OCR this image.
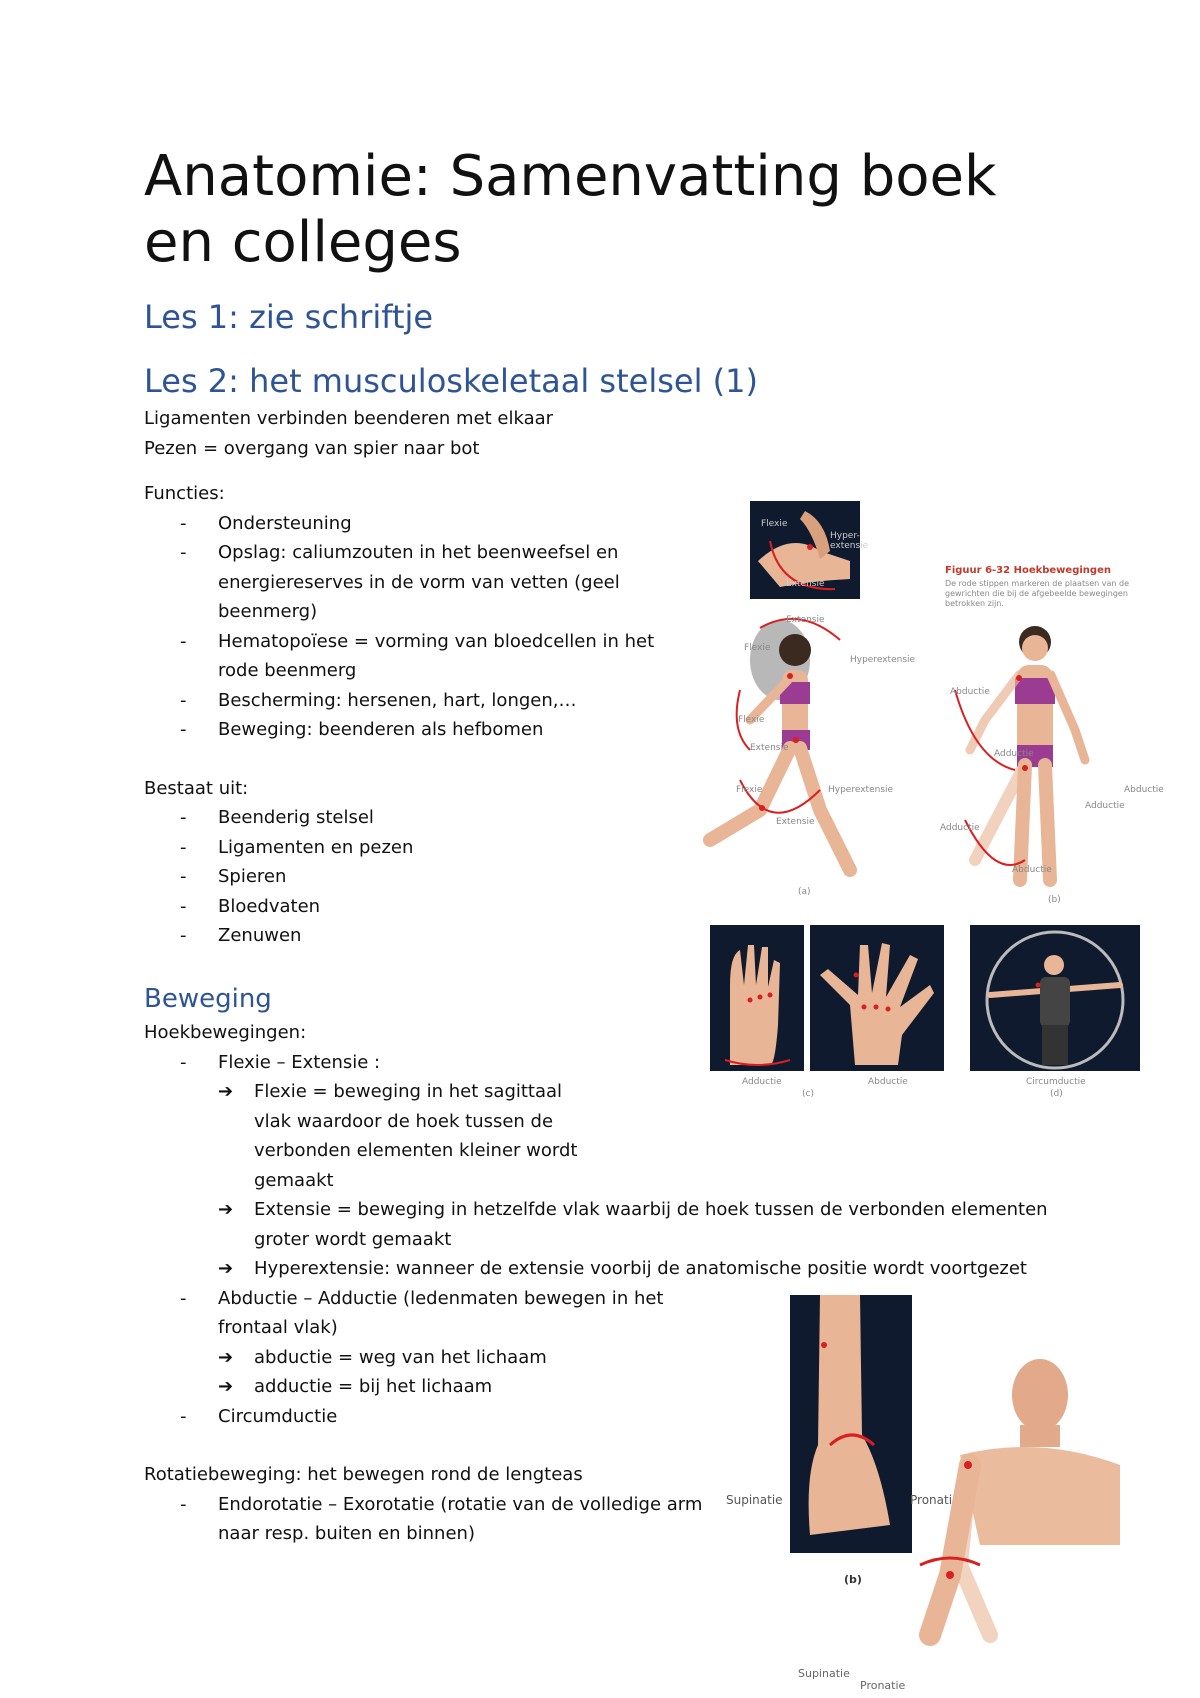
Anatomie: Samenvatting boek en colleges
Les 1: zie schriftje
Les 2: het musculoskeletaal stelsel (1)

Ligamenten verbinden beenderen met elkaar

Pezen = overgang van spier naar bot

Functies:

- Ondersteuning
- Opslag: caliumzouten in het beenweefsel en energiereserves in de vorm van vetten (geel beenmerg)
- Hematopoïese = vorming van bloedcellen in het rode beenmerg
- Bescherming: hersenen, hart, longen,…
- Beweging: beenderen als hefbomen

Bestaat uit:

- Beenderig stelsel
- Ligamenten en pezen
- Spieren
- Bloedvaten
- Zenuwen
Beweging

Hoekbewegingen:

- Flexie – Extensie :
➔ Flexie = beweging in het sagittaal vlak waardoor de hoek tussen de verbonden elementen kleiner wordt gemaakt
➔ Extensie = beweging in hetzelfde vlak waarbij de hoek tussen de verbonden elementen groter wordt gemaakt
➔ Hyperextensie: wanneer de extensie voorbij de anatomische positie wordt voortgezet
- Abductie – Adductie (ledenmaten bewegen in het frontaal vlak)
➔ abductie = weg van het lichaam
➔ adductie = bij het lichaam
- Circumductie

Rotatiebeweging: het bewegen rond de lengteas

- Endorotatie – Exorotatie (rotatie van de volledige arm naar resp. buiten en binnen)
Flexie
Hyper-extensie
Extensie
Figuur 6-32 Hoekbewegingen
De rode stippen markeren de plaatsen van de gewrichten die bij de afgebeelde bewegingen betrokken zijn.
Extensie
Flexie
Hyperextensie
Flexie
Extensie
Flexie	Hyperextensie
Extensie
(a)
Abductie
Adductie
Adductie
Abductie
Adductie
Abductie
(b)
Adductie	Abductie
(c)
Circumductie
(d)
Supinatie	Pronatie
(b)
Supinatie
Pronatie
